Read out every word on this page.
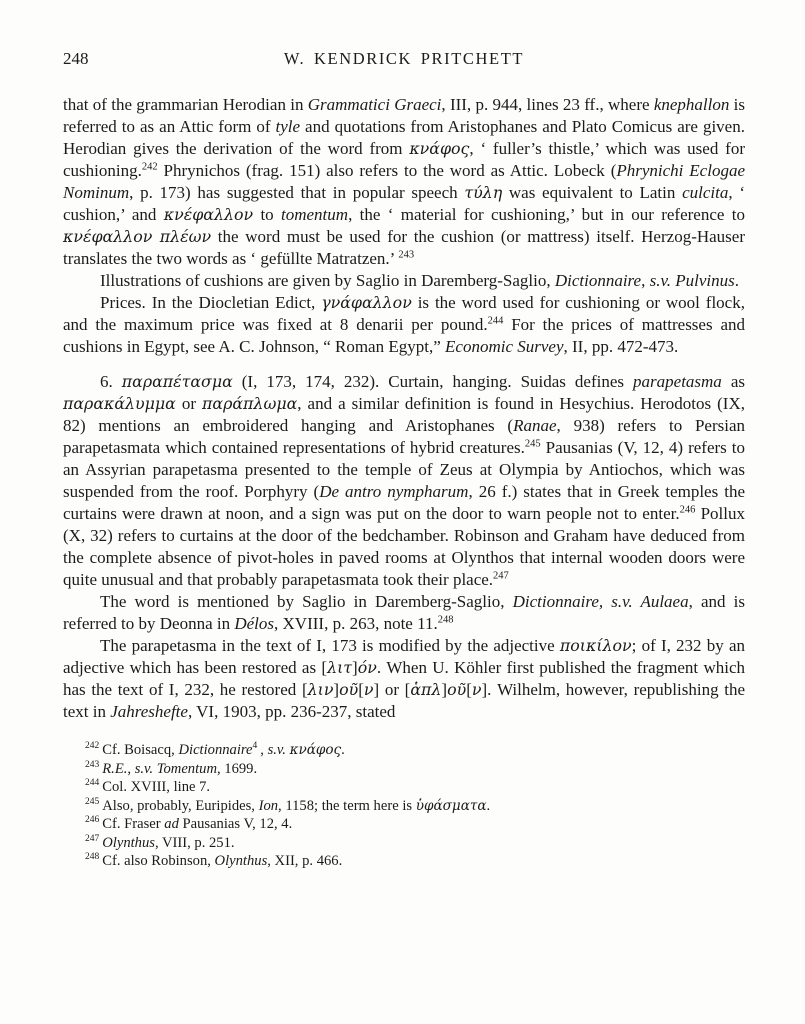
248	W. KENDRICK PRITCHETT

that of the grammarian Herodian in Grammatici Graeci, III, p. 944, lines 23 ff., where knephallon is referred to as an Attic form of tyle and quotations from Aristophanes and Plato Comicus are given. Herodian gives the derivation of the word from κνάφος, ‘ fuller’s thistle,’ which was used for cushioning.$^{242}$ Phrynichos (frag. 151) also refers to the word as Attic. Lobeck (Phrynichi Eclogae Nominum, p. 173) has suggested that in popular speech τύλη was equivalent to Latin culcita, ‘ cushion,’ and κνέφαλλον to tomentum, the ‘ material for cushioning,’ but in our reference to κνέφαλλον πλέων the word must be used for the cushion (or mattress) itself. Herzog-Hauser translates the two words as ‘ gefüllte Matratzen.’ $^{243}$

Illustrations of cushions are given by Saglio in Daremberg-Saglio, Dictionnaire, s.v. Pulvinus.

Prices. In the Diocletian Edict, γνάφαλλον is the word used for cushioning or wool flock, and the maximum price was fixed at 8 denarii per pound.$^{244}$ For the prices of mattresses and cushions in Egypt, see A. C. Johnson, “ Roman Egypt,” Economic Survey, II, pp. 472-473.

6. παραπέτασμα (I, 173, 174, 232). Curtain, hanging. Suidas defines parapetasma as παρακάλυμμα or παράπλωμα, and a similar definition is found in Hesychius. Herodotos (IX, 82) mentions an embroidered hanging and Aristophanes (Ranae, 938) refers to Persian parapetasmata which contained representations of hybrid creatures.$^{245}$ Pausanias (V, 12, 4) refers to an Assyrian parapetasma presented to the temple of Zeus at Olympia by Antiochos, which was suspended from the roof. Porphyry (De antro nympharum, 26 f.) states that in Greek temples the curtains were drawn at noon, and a sign was put on the door to warn people not to enter.$^{246}$ Pollux (X, 32) refers to curtains at the door of the bedchamber. Robinson and Graham have deduced from the complete absence of pivot-holes in paved rooms at Olynthos that internal wooden doors were quite unusual and that probably parapetasmata took their place.$^{247}$

The word is mentioned by Saglio in Daremberg-Saglio, Dictionnaire, s.v. Aulaea, and is referred to by Deonna in Délos, XVIII, p. 263, note 11.$^{248}$

The parapetasma in the text of I, 173 is modified by the adjective ποικίλον; of I, 232 by an adjective which has been restored as [λιτ]όν. When U. Köhler first published the fragment which has the text of I, 232, he restored [λιν]οῦ[ν] or [ἁπλ]οῦ[ν]. Wilhelm, however, republishing the text in Jahreshefte, VI, 1903, pp. 236-237, stated

$^{242}$ Cf. Boisacq, Dictionnaire$^4$ , s.v. κνάφος.

$^{243}$ R.E., s.v. Tomentum, 1699.

$^{244}$ Col. XVIII, line 7.

$^{245}$ Also, probably, Euripides, Ion, 1158; the term here is ὑφάσματα.

$^{246}$ Cf. Fraser ad Pausanias V, 12, 4.

$^{247}$ Olynthus, VIII, p. 251.

$^{248}$ Cf. also Robinson, Olynthus, XII, p. 466.
